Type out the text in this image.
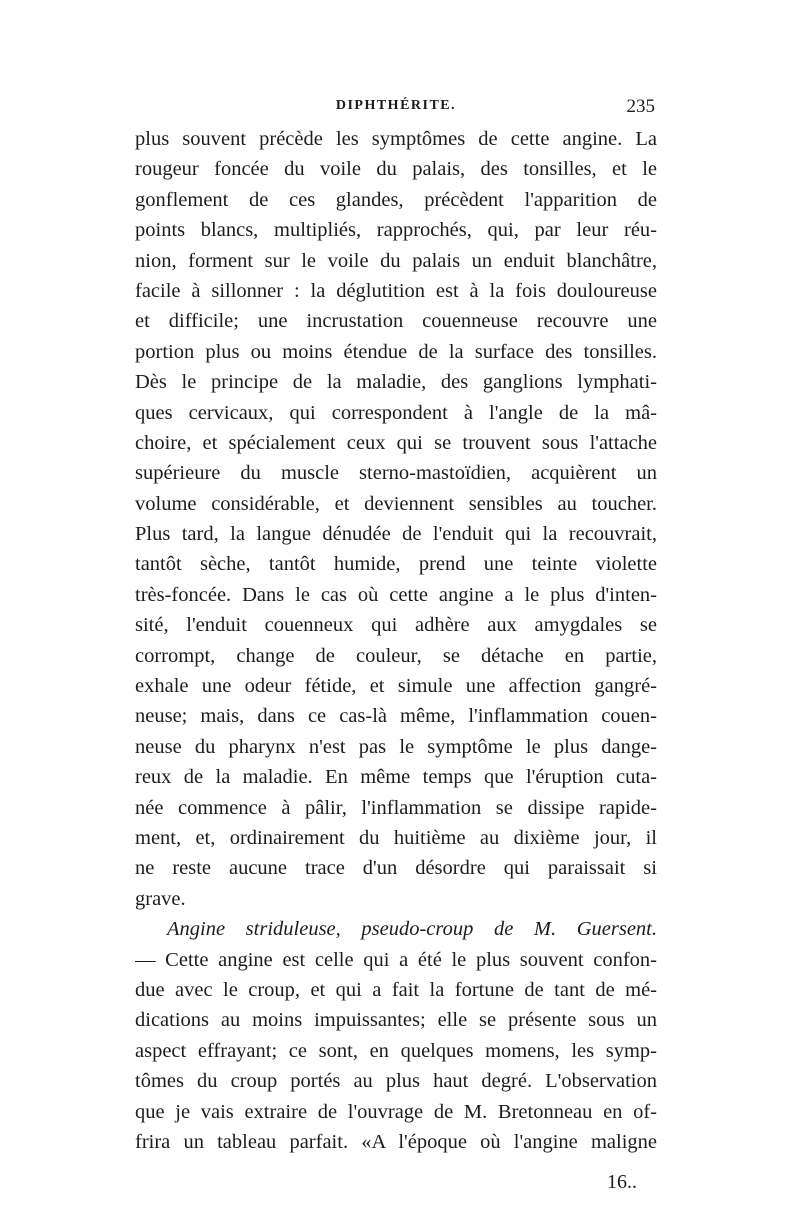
DIPHTHÉRITE.	235
plus souvent précède les symptômes de cette angine. La
rougeur foncée du voile du palais, des tonsilles, et le
gonflement de ces glandes, précèdent l'apparition de
points blancs, multipliés, rapprochés, qui, par leur réu-
nion, forment sur le voile du palais un enduit blanchâtre,
facile à sillonner : la déglutition est à la fois douloureuse
et difficile; une incrustation couenneuse recouvre une
portion plus ou moins étendue de la surface des tonsilles.
Dès le principe de la maladie, des ganglions lymphati-
ques cervicaux, qui correspondent à l'angle de la mâ-
choire, et spécialement ceux qui se trouvent sous l'attache
supérieure du muscle sterno-mastoïdien, acquièrent un
volume considérable, et deviennent sensibles au toucher.
Plus tard, la langue dénudée de l'enduit qui la recouvrait,
tantôt sèche, tantôt humide, prend une teinte violette
très-foncée. Dans le cas où cette angine a le plus d'inten-
sité, l'enduit couenneux qui adhère aux amygdales se
corrompt, change de couleur, se détache en partie,
exhale une odeur fétide, et simule une affection gangré-
neuse; mais, dans ce cas-là même, l'inflammation couen-
neuse du pharynx n'est pas le symptôme le plus dange-
reux de la maladie. En même temps que l'éruption cuta-
née commence à pâlir, l'inflammation se dissipe rapide-
ment, et, ordinairement du huitième au dixième jour, il
ne reste aucune trace d'un désordre qui paraissait si
grave.
Angine striduleuse, pseudo-croup de M. Guersent.
— Cette angine est celle qui a été le plus souvent confon-
due avec le croup, et qui a fait la fortune de tant de mé-
dications au moins impuissantes; elle se présente sous un
aspect effrayant; ce sont, en quelques momens, les symp-
tômes du croup portés au plus haut degré. L'observation
que je vais extraire de l'ouvrage de M. Bretonneau en of-
frira un tableau parfait. «A l'époque où l'angine maligne
16..
